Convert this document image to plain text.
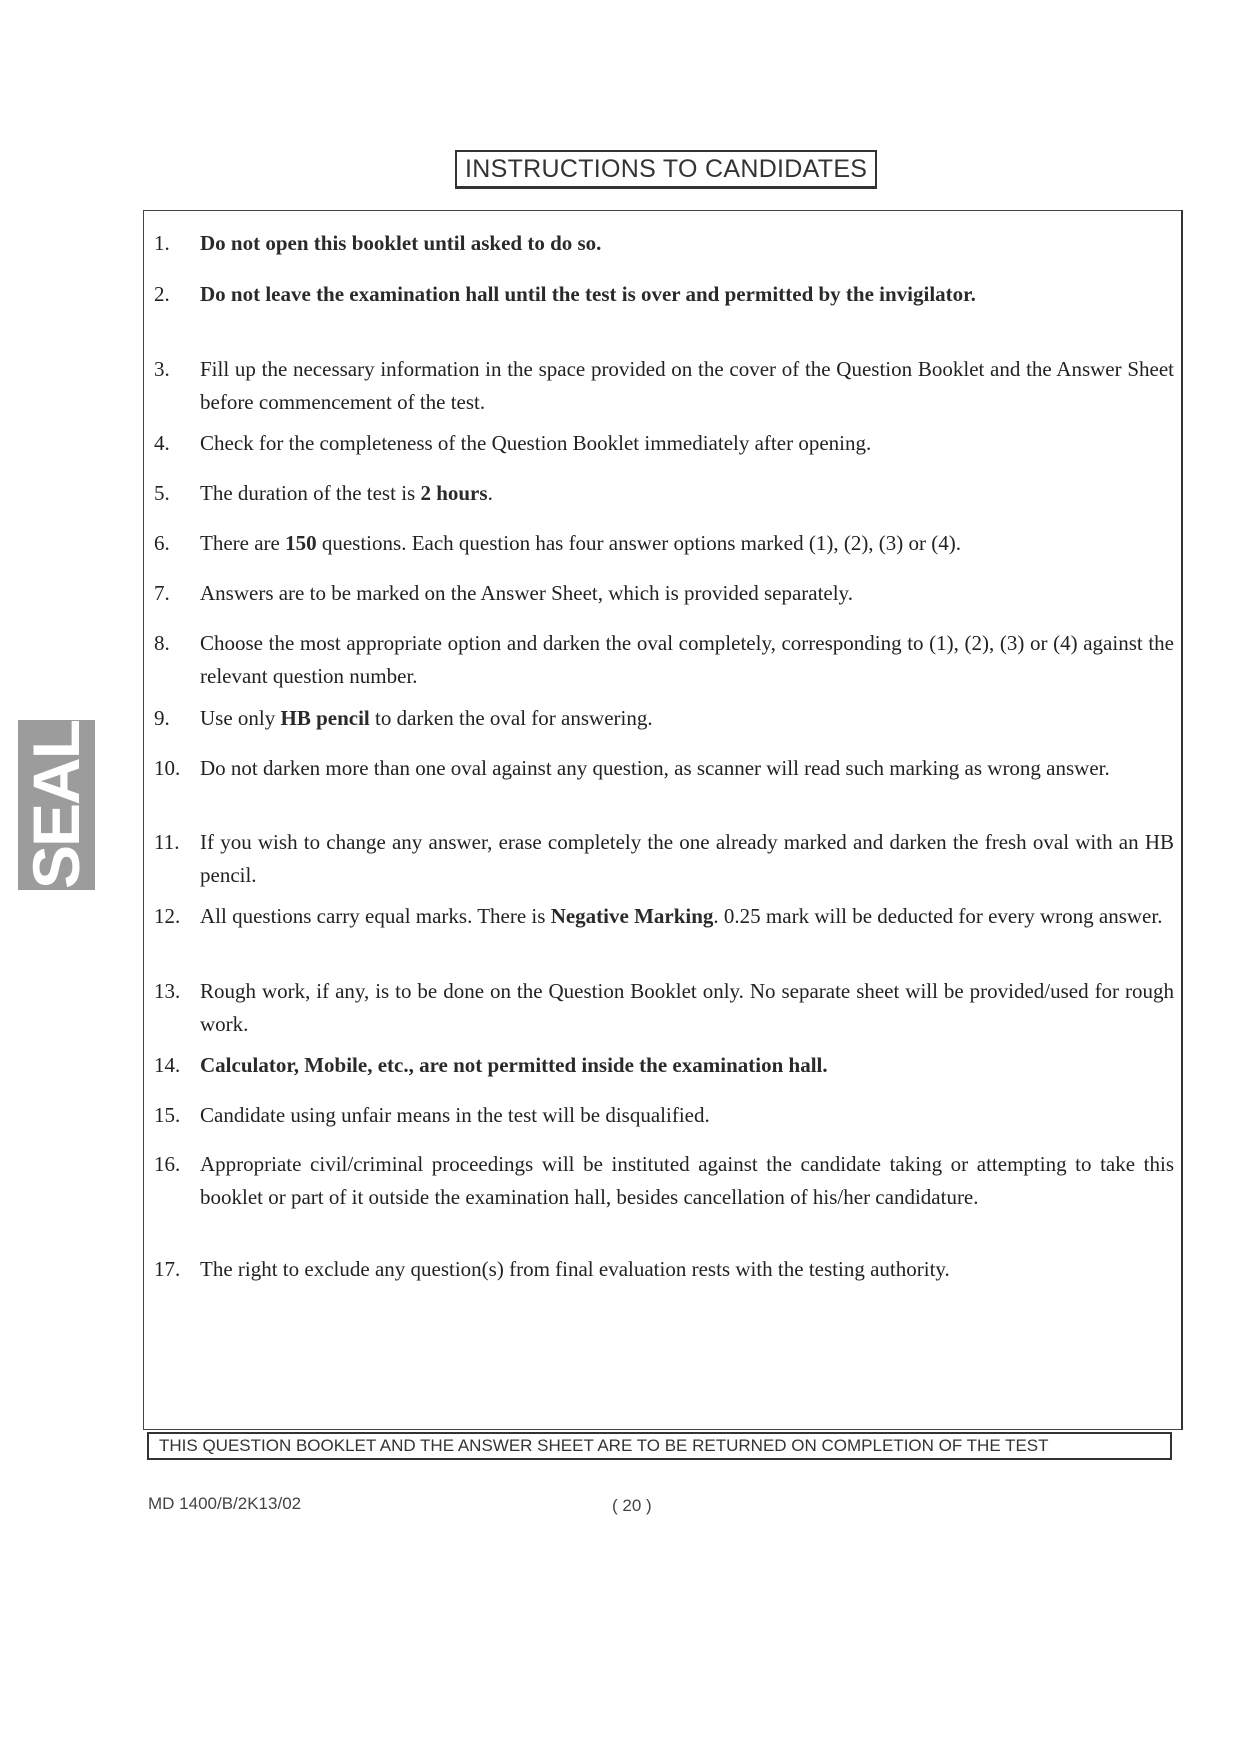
INSTRUCTIONS TO CANDIDATES
1.	Do not open this booklet until asked to do so.
2.	Do not leave the examination hall until the test is over and permitted by the invigilator.
3.	Fill up the necessary information in the space provided on the cover of the Question Booklet and the Answer Sheet before commencement of the test.
4.	Check for the completeness of the Question Booklet immediately after opening.
5.	The duration of the test is 2 hours.
6.	There are 150 questions. Each question has four answer options marked (1), (2), (3) or (4).
7.	Answers are to be marked on the Answer Sheet, which is provided separately.
8.	Choose the most appropriate option and darken the oval completely, corresponding to (1), (2), (3) or (4) against the relevant question number.
9.	Use only HB pencil to darken the oval for answering.
10. Do not darken more than one oval against any question, as scanner will read such marking as wrong answer.
11. If you wish to change any answer, erase completely the one already marked and darken the fresh oval with an HB pencil.
12. All questions carry equal marks. There is Negative Marking. 0.25 mark will be deducted for every wrong answer.
13. Rough work, if any, is to be done on the Question Booklet only. No separate sheet will be provided/used for rough work.
14. Calculator, Mobile, etc., are not permitted inside the examination hall.
15. Candidate using unfair means in the test will be disqualified.
16. Appropriate civil/criminal proceedings will be instituted against the candidate taking or attempting to take this booklet or part of it outside the examination hall, besides cancellation of his/her candidature.
17. The right to exclude any question(s) from final evaluation rests with the testing authority.
THIS QUESTION BOOKLET AND THE ANSWER SHEET ARE TO BE RETURNED ON COMPLETION OF THE TEST
MD 1400/B/2K13/02	( 20 )
SEAL
